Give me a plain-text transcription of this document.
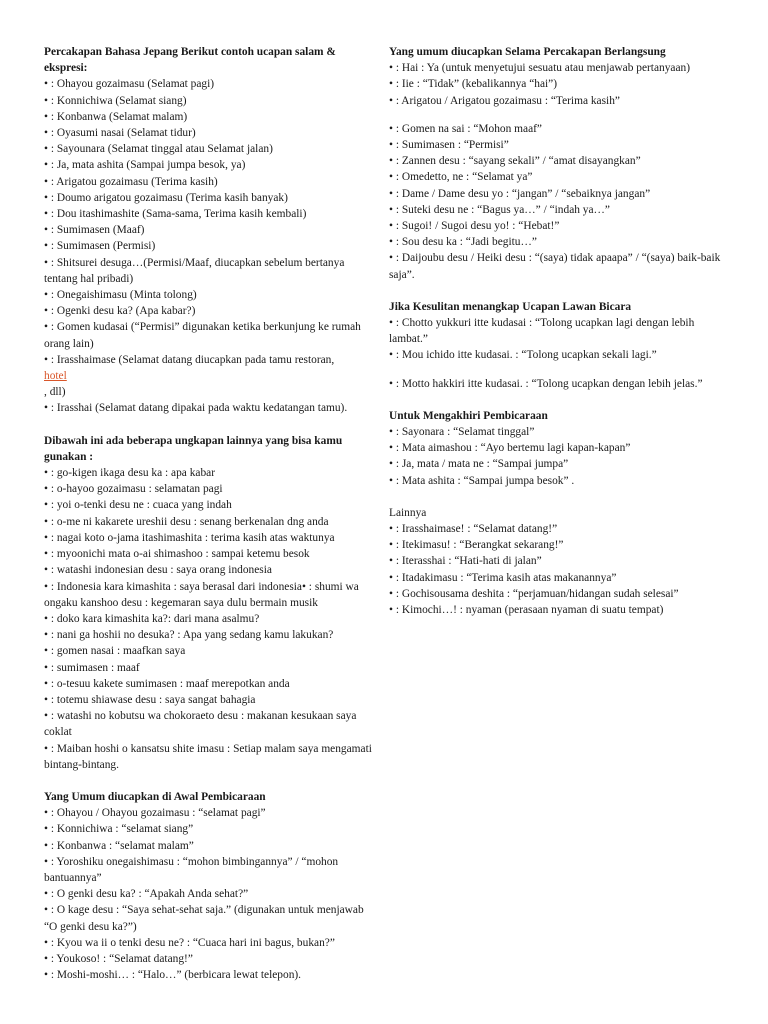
Percakapan Bahasa Jepang Berikut contoh ucapan salam & ekspresi:

• : Ohayou gozaimasu (Selamat pagi)

• : Konnichiwa (Selamat siang)

• : Konbanwa (Selamat malam)

• : Oyasumi nasai (Selamat tidur)

• : Sayounara (Selamat tinggal atau Selamat jalan)

• : Ja, mata ashita (Sampai jumpa besok, ya)

• : Arigatou gozaimasu (Terima kasih)

• : Doumo arigatou gozaimasu (Terima kasih banyak)

• : Dou itashimashite (Sama-sama, Terima kasih kembali)

• : Sumimasen (Maaf)

• : Sumimasen (Permisi)

• : Shitsurei desuga…(Permisi/Maaf, diucapkan sebelum bertanya tentang hal pribadi)

• : Onegaishimasu (Minta tolong)

• : Ogenki desu ka? (Apa kabar?)

• : Gomen kudasai (“Permisi” digunakan ketika berkunjung ke rumah orang lain)

• : Irasshaimase (Selamat datang diucapkan pada tamu restoran,

hotel

, dll)

• : Irasshai (Selamat datang dipakai pada waktu kedatangan tamu).

Dibawah ini ada beberapa ungkapan lainnya yang bisa kamu gunakan :

• : go-kigen ikaga desu ka : apa kabar

• : o-hayoo gozaimasu : selamatan pagi

• : yoi o-tenki desu ne : cuaca yang indah

• : o-me ni kakarete ureshii desu : senang berkenalan dng anda

• : nagai koto o-jama itashimashita : terima kasih atas waktunya

• : myoonichi mata o-ai shimashoo : sampai ketemu besok

• : watashi indonesian desu : saya orang indonesia

• : Indonesia kara kimashita : saya berasal dari indonesia• : shumi wa ongaku kanshoo desu : kegemaran saya dulu bermain musik

• : doko kara kimashita ka?: dari mana asalmu?

• : nani ga hoshii no desuka? : Apa yang sedang kamu lakukan?

• : gomen nasai : maafkan saya

• : sumimasen : maaf

• : o-tesuu kakete sumimasen : maaf merepotkan anda

• : totemu shiawase desu : saya sangat bahagia

• : watashi no kobutsu wa chokoraeto desu : makanan kesukaan saya coklat

• : Maiban hoshi o kansatsu shite imasu : Setiap malam saya mengamati bintang-bintang.

Yang Umum diucapkan di Awal Pembicaraan

• : Ohayou / Ohayou gozaimasu : “selamat pagi”

• : Konnichiwa : “selamat siang”

• : Konbanwa : “selamat malam”

• : Yoroshiku onegaishimasu : “mohon bimbingannya” / “mohon bantuannya”

• : O genki desu ka? : “Apakah Anda sehat?”

• : O kage desu : “Saya sehat-sehat saja.” (digunakan untuk menjawab “O genki desu ka?”)

• : Kyou wa ii o tenki desu ne? : “Cuaca hari ini bagus, bukan?”

• : Youkoso! : “Selamat datang!”

• : Moshi-moshi… : “Halo…” (berbicara lewat telepon).

Yang umum diucapkan Selama Percakapan Berlangsung

• : Hai : Ya (untuk menyetujui sesuatu atau menjawab pertanyaan)

• : Iie : “Tidak” (kebalikannya “hai”)

• : Arigatou / Arigatou gozaimasu : “Terima kasih”

• : Gomen na sai : “Mohon maaf”

• : Sumimasen : “Permisi”

• : Zannen desu : “sayang sekali” / “amat disayangkan”

• : Omedetto, ne : “Selamat ya”

• : Dame / Dame desu yo : “jangan” / “sebaiknya jangan”

• : Suteki desu ne : “Bagus ya…” / “indah ya…”

• : Sugoi! / Sugoi desu yo! : “Hebat!”

• : Sou desu ka : “Jadi begitu…”

• : Daijoubu desu / Heiki desu : “(saya) tidak apaapa” / “(saya) baik-baik saja”.

Jika Kesulitan menangkap Ucapan Lawan Bicara

• : Chotto yukkuri itte kudasai : “Tolong ucapkan lagi dengan lebih lambat.”

• : Mou ichido itte kudasai. : “Tolong ucapkan sekali lagi.”

• : Motto hakkiri itte kudasai. : “Tolong ucapkan dengan lebih jelas.”

Untuk Mengakhiri Pembicaraan

• : Sayonara : “Selamat tinggal”

• : Mata aimashou : “Ayo bertemu lagi kapan-kapan”

• : Ja, mata / mata ne : “Sampai jumpa”

• : Mata ashita : “Sampai jumpa besok” .

Lainnya

• : Irasshaimase! : “Selamat datang!”

• : Itekimasu! : “Berangkat sekarang!”

• : Iterasshai : “Hati-hati di jalan”

• : Itadakimasu : “Terima kasih atas makanannya”

• : Gochisousama deshita : “perjamuan/hidangan sudah selesai”

• : Kimochi…! : nyaman (perasaan nyaman di suatu tempat)
